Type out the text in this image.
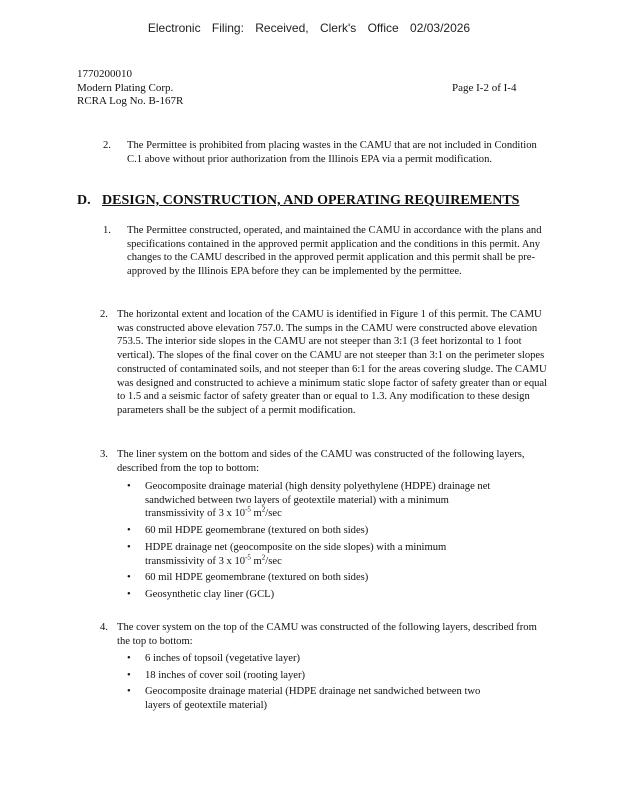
Electronic Filing: Received, Clerk's Office 02/03/2026
1770200010
Modern Plating Corp.
RCRA Log No. B-167R
Page I-2 of I-4
2. The Permittee is prohibited from placing wastes in the CAMU that are not included in Condition C.1 above without prior authorization from the Illinois EPA via a permit modification.
D. DESIGN, CONSTRUCTION, AND OPERATING REQUIREMENTS
1. The Permittee constructed, operated, and maintained the CAMU in accordance with the plans and specifications contained in the approved permit application and the conditions in this permit. Any changes to the CAMU described in the approved permit application and this permit shall be pre-approved by the Illinois EPA before they can be implemented by the permittee.
2. The horizontal extent and location of the CAMU is identified in Figure 1 of this permit. The CAMU was constructed above elevation 757.0. The sumps in the CAMU were constructed above elevation 753.5. The interior side slopes in the CAMU are not steeper than 3:1 (3 feet horizontal to 1 foot vertical). The slopes of the final cover on the CAMU are not steeper than 3:1 on the perimeter slopes constructed of contaminated soils, and not steeper than 6:1 for the areas covering sludge. The CAMU was designed and constructed to achieve a minimum static slope factor of safety greater than or equal to 1.5 and a seismic factor of safety greater than or equal to 1.3. Any modification to these design parameters shall be the subject of a permit modification.
3. The liner system on the bottom and sides of the CAMU was constructed of the following layers, described from the top to bottom:
• Geocomposite drainage material (high density polyethylene (HDPE) drainage net sandwiched between two layers of geotextile material) with a minimum transmissivity of 3 x $10^{-5}$ $m^2/\sec$
• 60 mil HDPE geomembrane (textured on both sides)
• HDPE drainage net (geocomposite on the side slopes) with a minimum transmissivity of 3 x $10^{-5}$ $m^2/\sec$
• 60 mil HDPE geomembrane (textured on both sides)
• Geosynthetic clay liner (GCL)
4. The cover system on the top of the CAMU was constructed of the following layers, described from the top to bottom:
• 6 inches of topsoil (vegetative layer)
• 18 inches of cover soil (rooting layer)
• Geocomposite drainage material (HDPE drainage net sandwiched between two layers of geotextile material)
